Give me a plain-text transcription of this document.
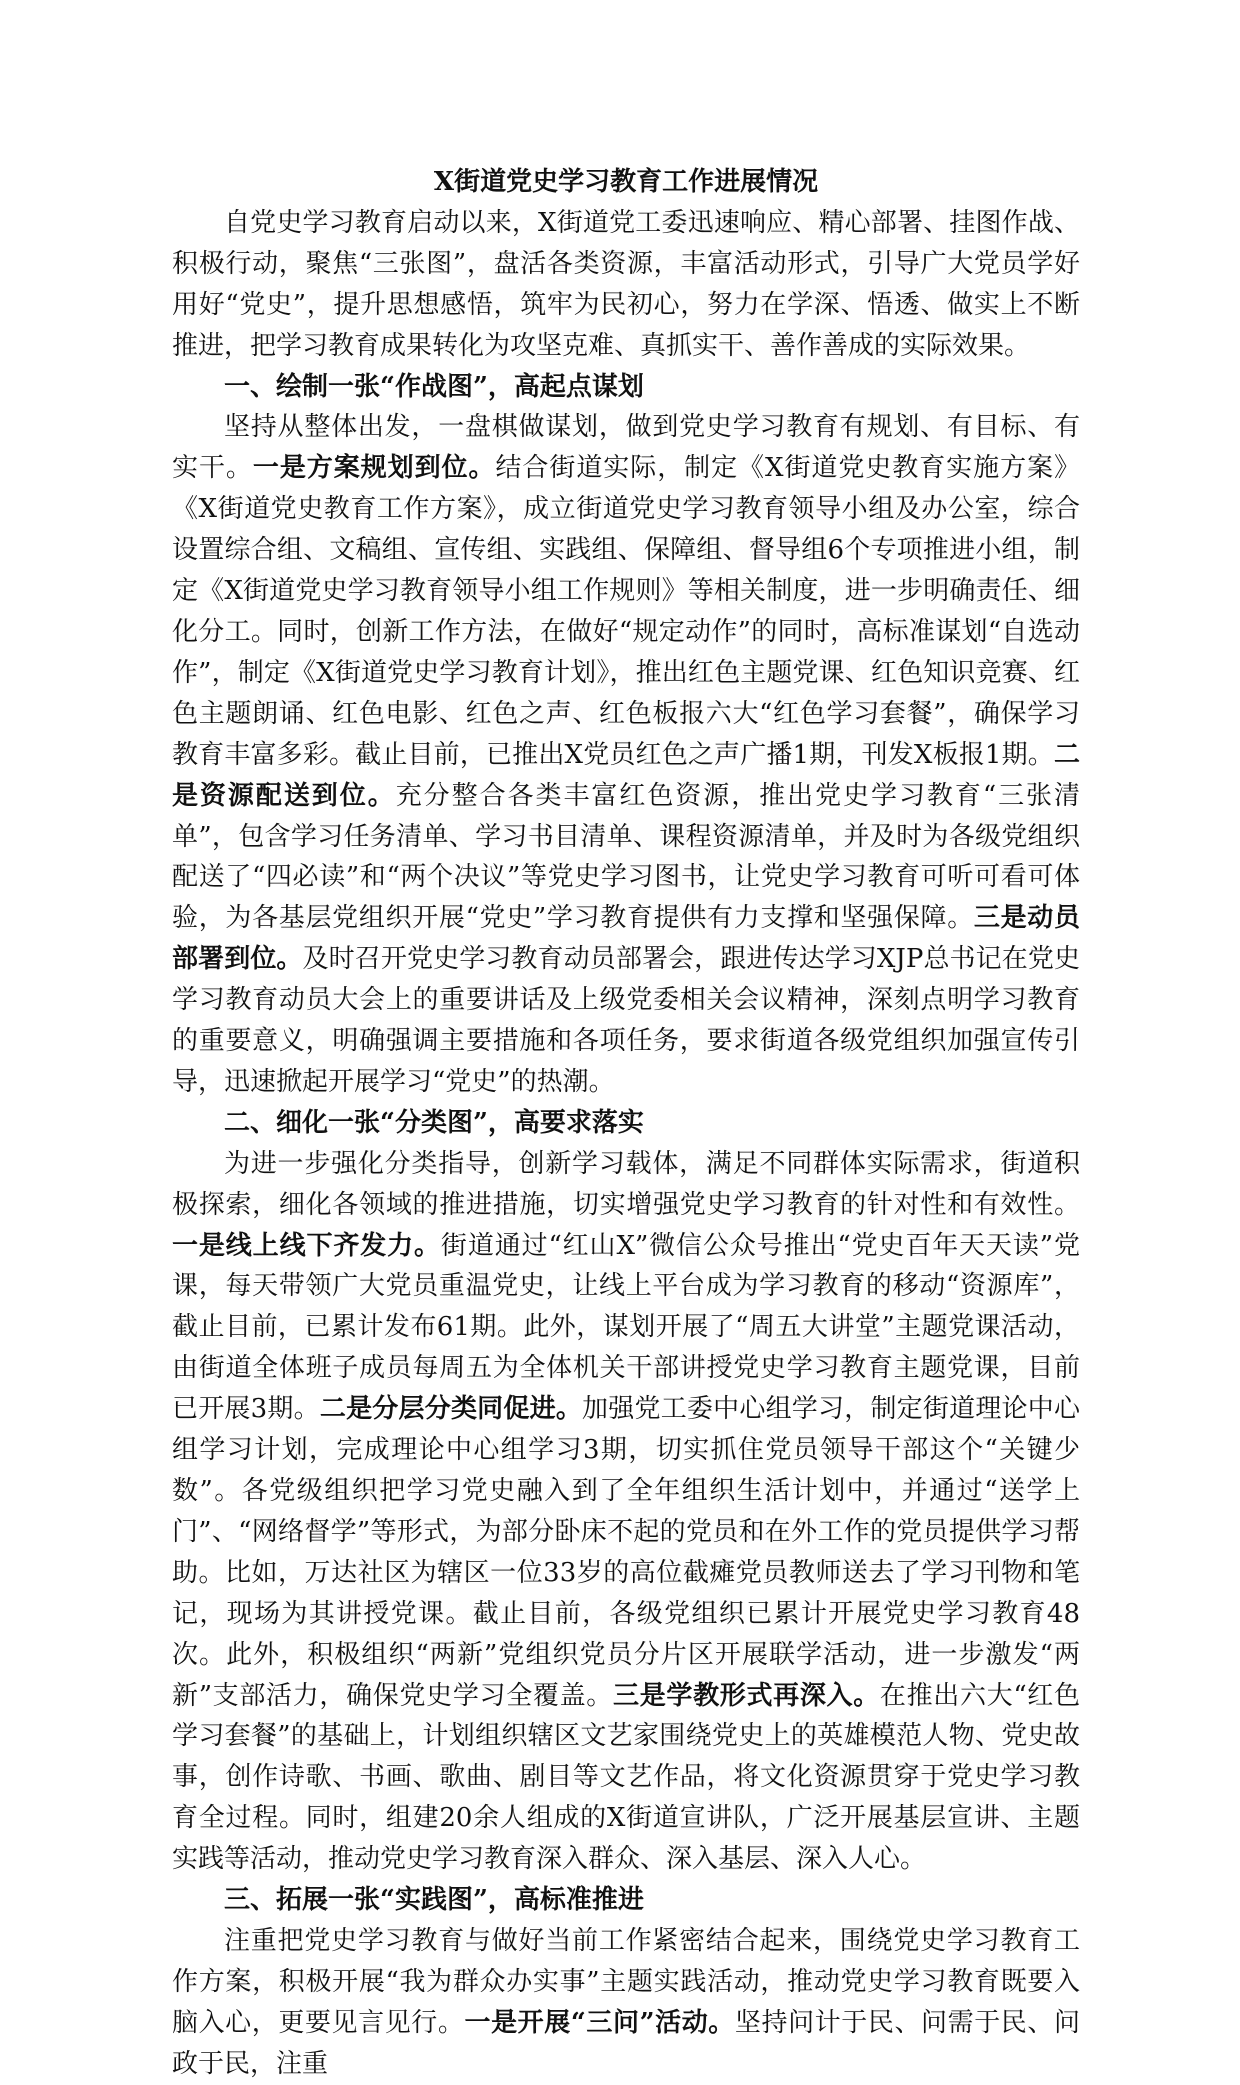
X街道党史学习教育工作进展情况

自党史学习教育启动以来，X街道党工委迅速响应、精心部署、挂图作战、积极行动，聚焦“三张图”，盘活各类资源，丰富活动形式，引导广大党员学好用好“党史”，提升思想感悟，筑牢为民初心，努力在学深、悟透、做实上不断推进，把学习教育成果转化为攻坚克难、真抓实干、善作善成的实际效果。

一、绘制一张“作战图”，高起点谋划

坚持从整体出发，一盘棋做谋划，做到党史学习教育有规划、有目标、有实干。一是方案规划到位。结合街道实际，制定《X街道党史教育实施方案》《X街道党史教育工作方案》，成立街道党史学习教育领导小组及办公室，综合设置综合组、文稿组、宣传组、实践组、保障组、督导组6个专项推进小组，制定《X街道党史学习教育领导小组工作规则》等相关制度，进一步明确责任、细化分工。同时，创新工作方法，在做好“规定动作”的同时，高标准谋划“自选动作”，制定《X街道党史学习教育计划》，推出红色主题党课、红色知识竞赛、红色主题朗诵、红色电影、红色之声、红色板报六大“红色学习套餐”，确保学习教育丰富多彩。截止目前，已推出X党员红色之声广播1期，刊发X板报1期。二是资源配送到位。充分整合各类丰富红色资源，推出党史学习教育“三张清单”，包含学习任务清单、学习书目清单、课程资源清单，并及时为各级党组织配送了“四必读”和“两个决议”等党史学习图书，让党史学习教育可听可看可体验，为各基层党组织开展“党史”学习教育提供有力支撑和坚强保障。三是动员部署到位。及时召开党史学习教育动员部署会，跟进传达学习XJP总书记在党史学习教育动员大会上的重要讲话及上级党委相关会议精神，深刻点明学习教育的重要意义，明确强调主要措施和各项任务，要求街道各级党组织加强宣传引导，迅速掀起开展学习“党史”的热潮。

二、细化一张“分类图”，高要求落实

为进一步强化分类指导，创新学习载体，满足不同群体实际需求，街道积极探索，细化各领域的推进措施，切实增强党史学习教育的针对性和有效性。一是线上线下齐发力。街道通过“红山X”微信公众号推出“党史百年天天读”党课，每天带领广大党员重温党史，让线上平台成为学习教育的移动“资源库”，截止目前，已累计发布61期。此外，谋划开展了“周五大讲堂”主题党课活动，由街道全体班子成员每周五为全体机关干部讲授党史学习教育主题党课，目前已开展3期。二是分层分类同促进。加强党工委中心组学习，制定街道理论中心组学习计划，完成理论中心组学习3期，切实抓住党员领导干部这个“关键少数”。各党级组织把学习党史融入到了全年组织生活计划中，并通过“送学上门”、“网络督学”等形式，为部分卧床不起的党员和在外工作的党员提供学习帮助。比如，万达社区为辖区一位33岁的高位截瘫党员教师送去了学习刊物和笔记，现场为其讲授党课。截止目前，各级党组织已累计开展党史学习教育48次。此外，积极组织“两新”党组织党员分片区开展联学活动，进一步激发“两新”支部活力，确保党史学习全覆盖。三是学教形式再深入。在推出六大“红色学习套餐”的基础上，计划组织辖区文艺家围绕党史上的英雄模范人物、党史故事，创作诗歌、书画、歌曲、剧目等文艺作品，将文化资源贯穿于党史学习教育全过程。同时，组建20余人组成的X街道宣讲队，广泛开展基层宣讲、主题实践等活动，推动党史学习教育深入群众、深入基层、深入人心。

三、拓展一张“实践图”，高标准推进

注重把党史学习教育与做好当前工作紧密结合起来，围绕党史学习教育工作方案，积极开展“我为群众办实事”主题实践活动，推动党史学习教育既要入脑入心，更要见言见行。一是开展“三问”活动。坚持问计于民、问需于民、问政于民，注重
